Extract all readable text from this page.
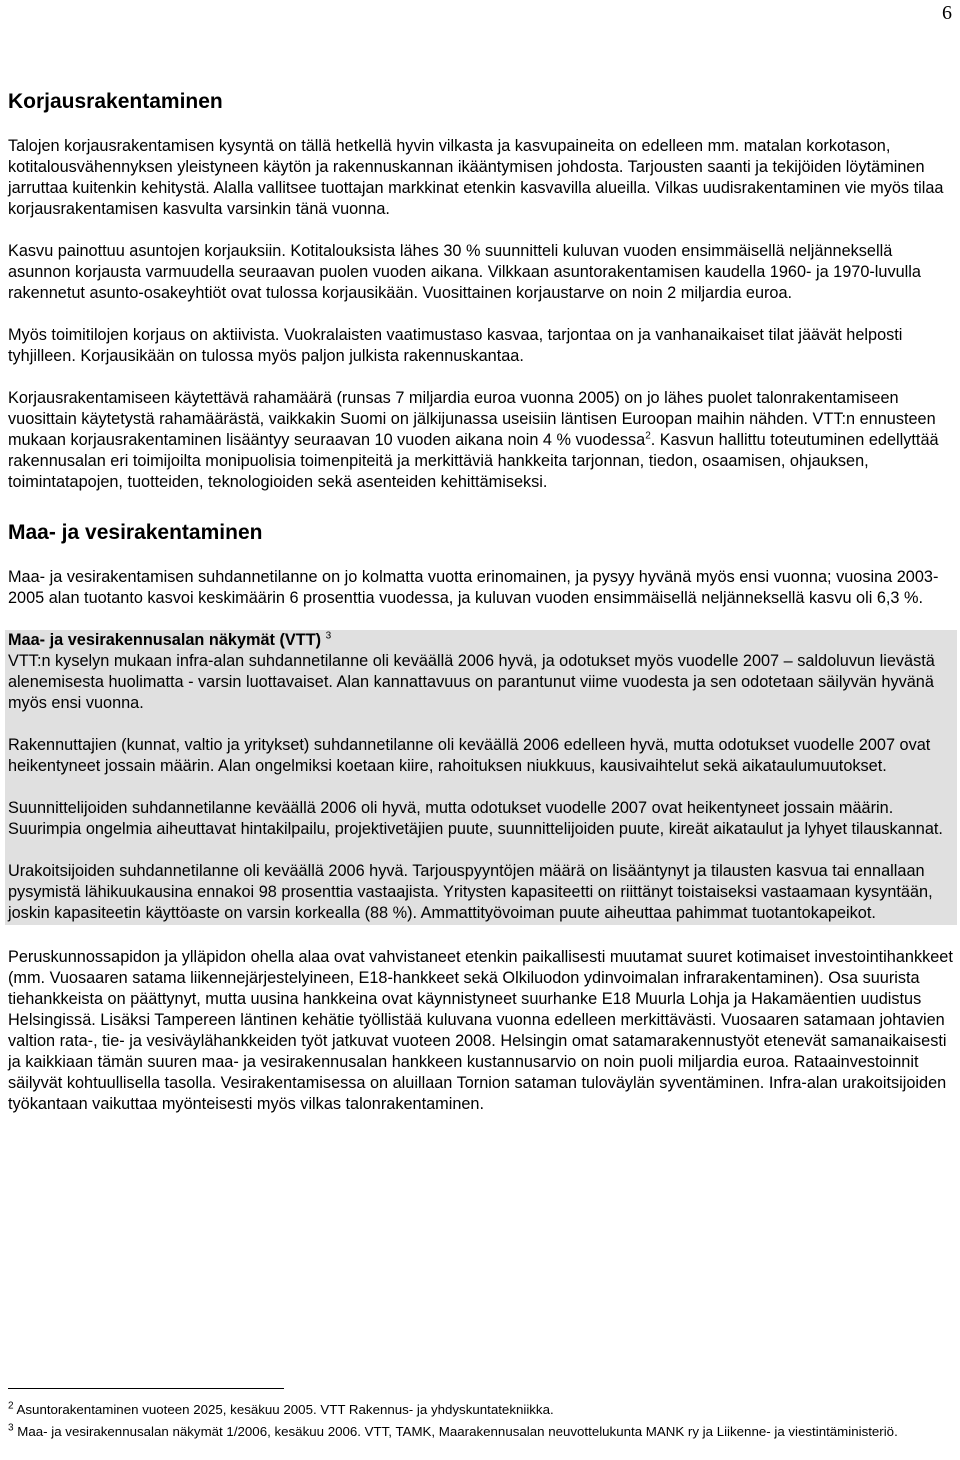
6
Korjausrakentaminen

Talojen korjausrakentamisen kysyntä on tällä hetkellä hyvin vilkasta ja kasvupaineita on edelleen mm. matalan korkotason, kotitalousvähennyksen yleistyneen käytön ja rakennuskannan ikääntymisen johdosta. Tarjousten saanti ja tekijöiden löytäminen jarruttaa kuitenkin kehitystä. Alalla vallitsee tuottajan markkinat etenkin kasvavilla alueilla. Vilkas uudisrakentaminen vie myös tilaa korjausrakentamisen kasvulta varsinkin tänä vuonna.

Kasvu painottuu asuntojen korjauksiin. Kotitalouksista lähes 30 % suunnitteli kuluvan vuoden ensimmäisellä neljänneksellä asunnon korjausta varmuudella seuraavan puolen vuoden aikana. Vilkkaan asuntorakentamisen kaudella 1960- ja 1970-luvulla rakennetut asunto-osakeyhtiöt ovat tulossa korjausikään. Vuosittainen korjaustarve on noin 2 miljardia euroa.

Myös toimitilojen korjaus on aktiivista. Vuokralaisten vaatimustaso kasvaa, tarjontaa on ja vanhanaikaiset tilat jäävät helposti tyhjilleen. Korjausikään on tulossa myös paljon julkista rakennuskantaa.

Korjausrakentamiseen käytettävä rahamäärä (runsas 7 miljardia euroa vuonna 2005) on jo lähes puolet talonrakentamiseen vuosittain käytetystä rahamäärästä, vaikkakin Suomi on jälkijunassa useisiin läntisen Euroopan maihin nähden. VTT:n ennusteen mukaan korjausrakentaminen lisääntyy seuraavan 10 vuoden aikana noin 4 % vuodessa$^2$. Kasvun hallittu toteutuminen edellyttää rakennusalan eri toimijoilta monipuolisia toimenpiteitä ja merkittäviä hankkeita tarjonnan, tiedon, osaamisen, ohjauksen, toimintatapojen, tuotteiden, teknologioiden sekä asenteiden kehittämiseksi.

Maa- ja vesirakentaminen

Maa- ja vesirakentamisen suhdannetilanne on jo kolmatta vuotta erinomainen, ja pysyy hyvänä myös ensi vuonna; vuosina 2003-2005 alan tuotanto kasvoi keskimäärin 6 prosenttia vuodessa, ja kuluvan vuoden ensimmäisellä neljänneksellä kasvu oli 6,3 %.

Maa- ja vesirakennusalan näkymät (VTT) $^3$
VTT:n kyselyn mukaan infra-alan suhdannetilanne oli keväällä 2006 hyvä, ja odotukset myös vuodelle 2007 – saldoluvun lievästä alenemisesta huolimatta - varsin luottavaiset. Alan kannattavuus on parantunut viime vuodesta ja sen odotetaan säilyvän hyvänä myös ensi vuonna.

Rakennuttajien (kunnat, valtio ja yritykset) suhdannetilanne oli keväällä 2006 edelleen hyvä, mutta odotukset vuodelle 2007 ovat heikentyneet jossain määrin. Alan ongelmiksi koetaan kiire, rahoituksen niukkuus, kausivaihtelut sekä aikataulumuutokset.

Suunnittelijoiden suhdannetilanne keväällä 2006 oli hyvä, mutta odotukset vuodelle 2007 ovat heikentyneet jossain määrin. Suurimpia ongelmia aiheuttavat hintakilpailu, projektivetäjien puute, suunnittelijoiden puute, kireät aikataulut ja lyhyet tilauskannat.

Urakoitsijoiden suhdannetilanne oli keväällä 2006 hyvä. Tarjouspyyntöjen määrä on lisääntynyt ja tilausten kasvua tai ennallaan pysymistä lähikuukausina ennakoi 98 prosenttia vastaajista. Yritysten kapasiteetti on riittänyt toistaiseksi vastaamaan kysyntään, joskin kapasiteetin käyttöaste on varsin korkealla (88 %). Ammattityövoiman puute aiheuttaa pahimmat tuotantokapeikot.

Peruskunnossapidon ja ylläpidon ohella alaa ovat vahvistaneet etenkin paikallisesti muutamat suuret kotimaiset investointihankkeet (mm. Vuosaaren satama liikennejärjestelyineen, E18-hankkeet sekä Olkiluodon ydinvoimalan infrarakentaminen). Osa suurista tiehankkeista on päättynyt, mutta uusina hankkeina ovat käynnistyneet suurhanke E18 Muurla Lohja ja Hakamäentien uudistus Helsingissä. Lisäksi Tampereen läntinen kehätie työllistää kuluvana vuonna edelleen merkittävästi. Vuosaaren satamaan johtavien valtion rata-, tie- ja vesiväylähankkeiden työt jatkuvat vuoteen 2008. Helsingin omat satamarakennustyöt etenevät samanaikaisesti ja kaikkiaan tämän suuren maa- ja vesirakennusalan hankkeen kustannusarvio on noin puoli miljardia euroa. Rataainvestoinnit säilyvät kohtuullisella tasolla. Vesirakentamisessa on aluillaan Tornion sataman tuloväylän syventäminen. Infra-alan urakoitsijoiden työkantaan vaikuttaa myönteisesti myös vilkas talonrakentaminen.

$^2$ Asuntorakentaminen vuoteen 2025, kesäkuu 2005. VTT Rakennus- ja yhdyskuntatekniikka.
$^3$ Maa- ja vesirakennusalan näkymät 1/2006, kesäkuu 2006. VTT, TAMK, Maarakennusalan neuvottelukunta MANK ry ja Liikenne- ja viestintäministeriö.
